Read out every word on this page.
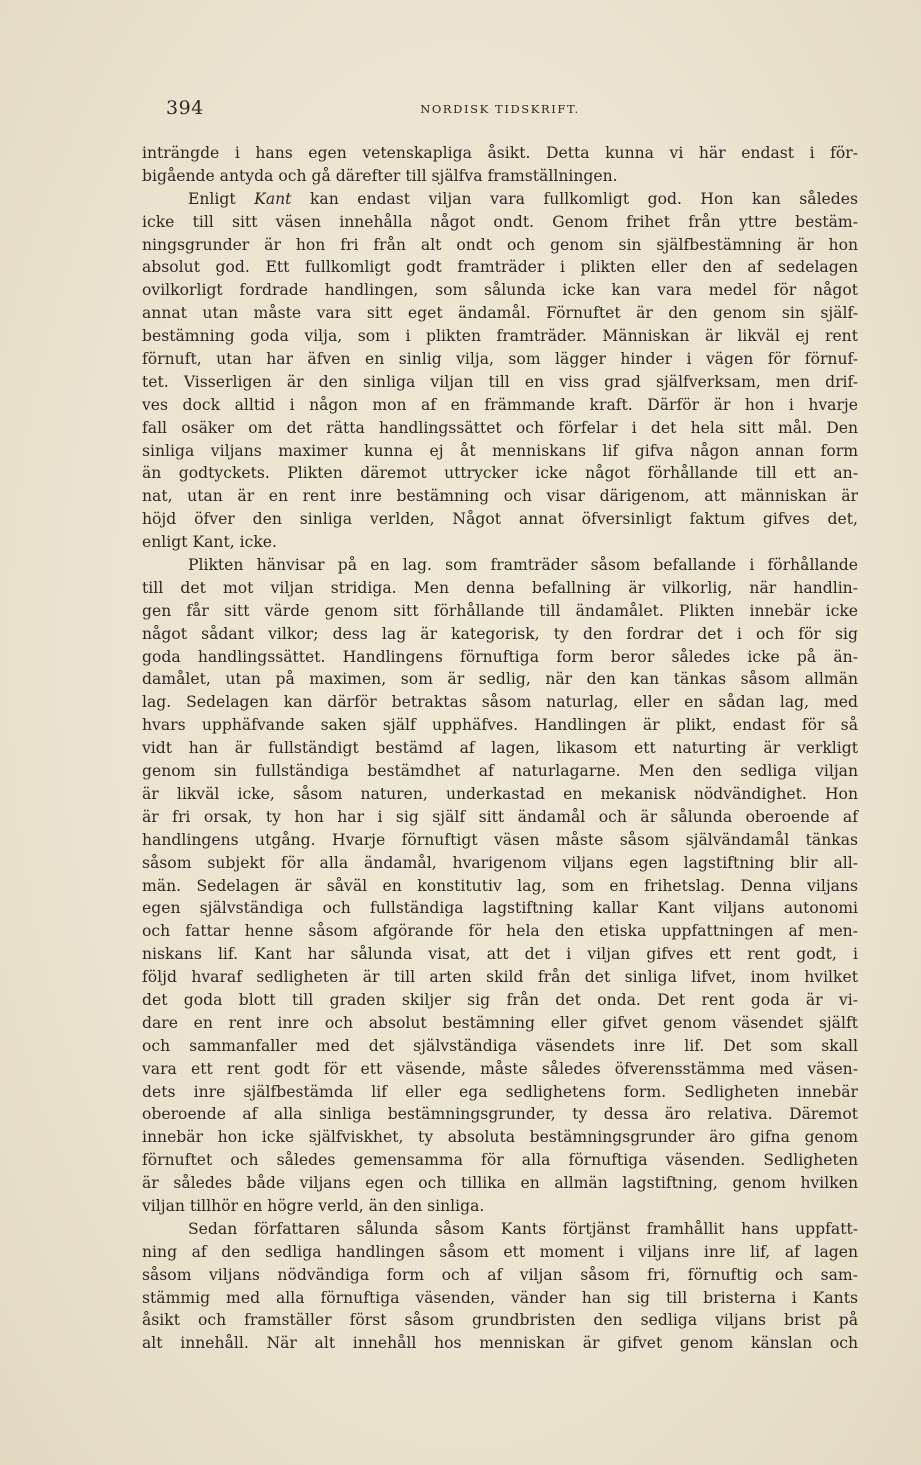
394	NORDISK TIDSKRIFT.
inträngde i hans egen vetenskapliga åsikt. Detta kunna vi här endast i för-
bigående antyda och gå därefter till själfva framställningen.
Enligt Kant kan endast viljan vara fullkomligt god. Hon kan således
icke till sitt väsen innehålla något ondt. Genom frihet från yttre bestäm-
ningsgrunder är hon fri från alt ondt och genom sin själfbestämning är hon
absolut god. Ett fullkomligt godt framträder i plikten eller den af sedelagen
ovilkorligt fordrade handlingen, som sålunda icke kan vara medel för något
annat utan måste vara sitt eget ändamål. Förnuftet är den genom sin själf-
bestämning goda vilja, som i plikten framträder. Människan är likväl ej rent
förnuft, utan har äfven en sinlig vilja, som lägger hinder i vägen för förnuf-
tet. Visserligen är den sinliga viljan till en viss grad själfverksam, men drif-
ves dock alltid i någon mon af en främmande kraft. Därför är hon i hvarje
fall osäker om det rätta handlingssättet och förfelar i det hela sitt mål. Den
sinliga viljans maximer kunna ej åt menniskans lif gifva någon annan form
än godtyckets. Plikten däremot uttrycker icke något förhållande till ett an-
nat, utan är en rent inre bestämning och visar därigenom, att människan är
höjd öfver den sinliga verlden, Något annat öfversinligt faktum gifves det,
enligt Kant, icke.
Plikten hänvisar på en lag. som framträder såsom befallande i förhållande
till det mot viljan stridiga. Men denna befallning är vilkorlig, när handlin-
gen får sitt värde genom sitt förhållande till ändamålet. Plikten innebär icke
något sådant vilkor; dess lag är kategorisk, ty den fordrar det i och för sig
goda handlingssättet. Handlingens förnuftiga form beror således icke på än-
damålet, utan på maximen, som är sedlig, när den kan tänkas såsom allmän
lag. Sedelagen kan därför betraktas såsom naturlag, eller en sådan lag, med
hvars upphäfvande saken själf upphäfves. Handlingen är plikt, endast för så
vidt han är fullständigt bestämd af lagen, likasom ett naturting är verkligt
genom sin fullständiga bestämdhet af naturlagarne. Men den sedliga viljan
är likväl icke, såsom naturen, underkastad en mekanisk nödvändighet. Hon
är fri orsak, ty hon har i sig själf sitt ändamål och är sålunda oberoende af
handlingens utgång. Hvarje förnuftigt väsen måste såsom självändamål tänkas
såsom subjekt för alla ändamål, hvarigenom viljans egen lagstiftning blir all-
män. Sedelagen är såväl en konstitutiv lag, som en frihetslag. Denna viljans
egen självständiga och fullständiga lagstiftning kallar Kant viljans autonomi
och fattar henne såsom afgörande för hela den etiska uppfattningen af men-
niskans lif. Kant har sålunda visat, att det i viljan gifves ett rent godt, i
följd hvaraf sedligheten är till arten skild från det sinliga lifvet, inom hvilket
det goda blott till graden skiljer sig från det onda. Det rent goda är vi-
dare en rent inre och absolut bestämning eller gifvet genom väsendet själft
och sammanfaller med det självständiga väsendets inre lif. Det som skall
vara ett rent godt för ett väsende, måste således öfverensstämma med väsen-
dets inre själfbestämda lif eller ega sedlighetens form. Sedligheten innebär
oberoende af alla sinliga bestämningsgrunder, ty dessa äro relativa. Däremot
innebär hon icke själfviskhet, ty absoluta bestämningsgrunder äro gifna genom
förnuftet och således gemensamma för alla förnuftiga väsenden. Sedligheten
är således både viljans egen och tillika en allmän lagstiftning, genom hvilken
viljan tillhör en högre verld, än den sinliga.
Sedan författaren sålunda såsom Kants förtjänst framhållit hans uppfatt-
ning af den sedliga handlingen såsom ett moment i viljans inre lif, af lagen
såsom viljans nödvändiga form och af viljan såsom fri, förnuftig och sam-
stämmig med alla förnuftiga väsenden, vänder han sig till bristerna i Kants
åsikt och framställer först såsom grundbristen den sedliga viljans brist på
alt innehåll. När alt innehåll hos menniskan är gifvet genom känslan och
